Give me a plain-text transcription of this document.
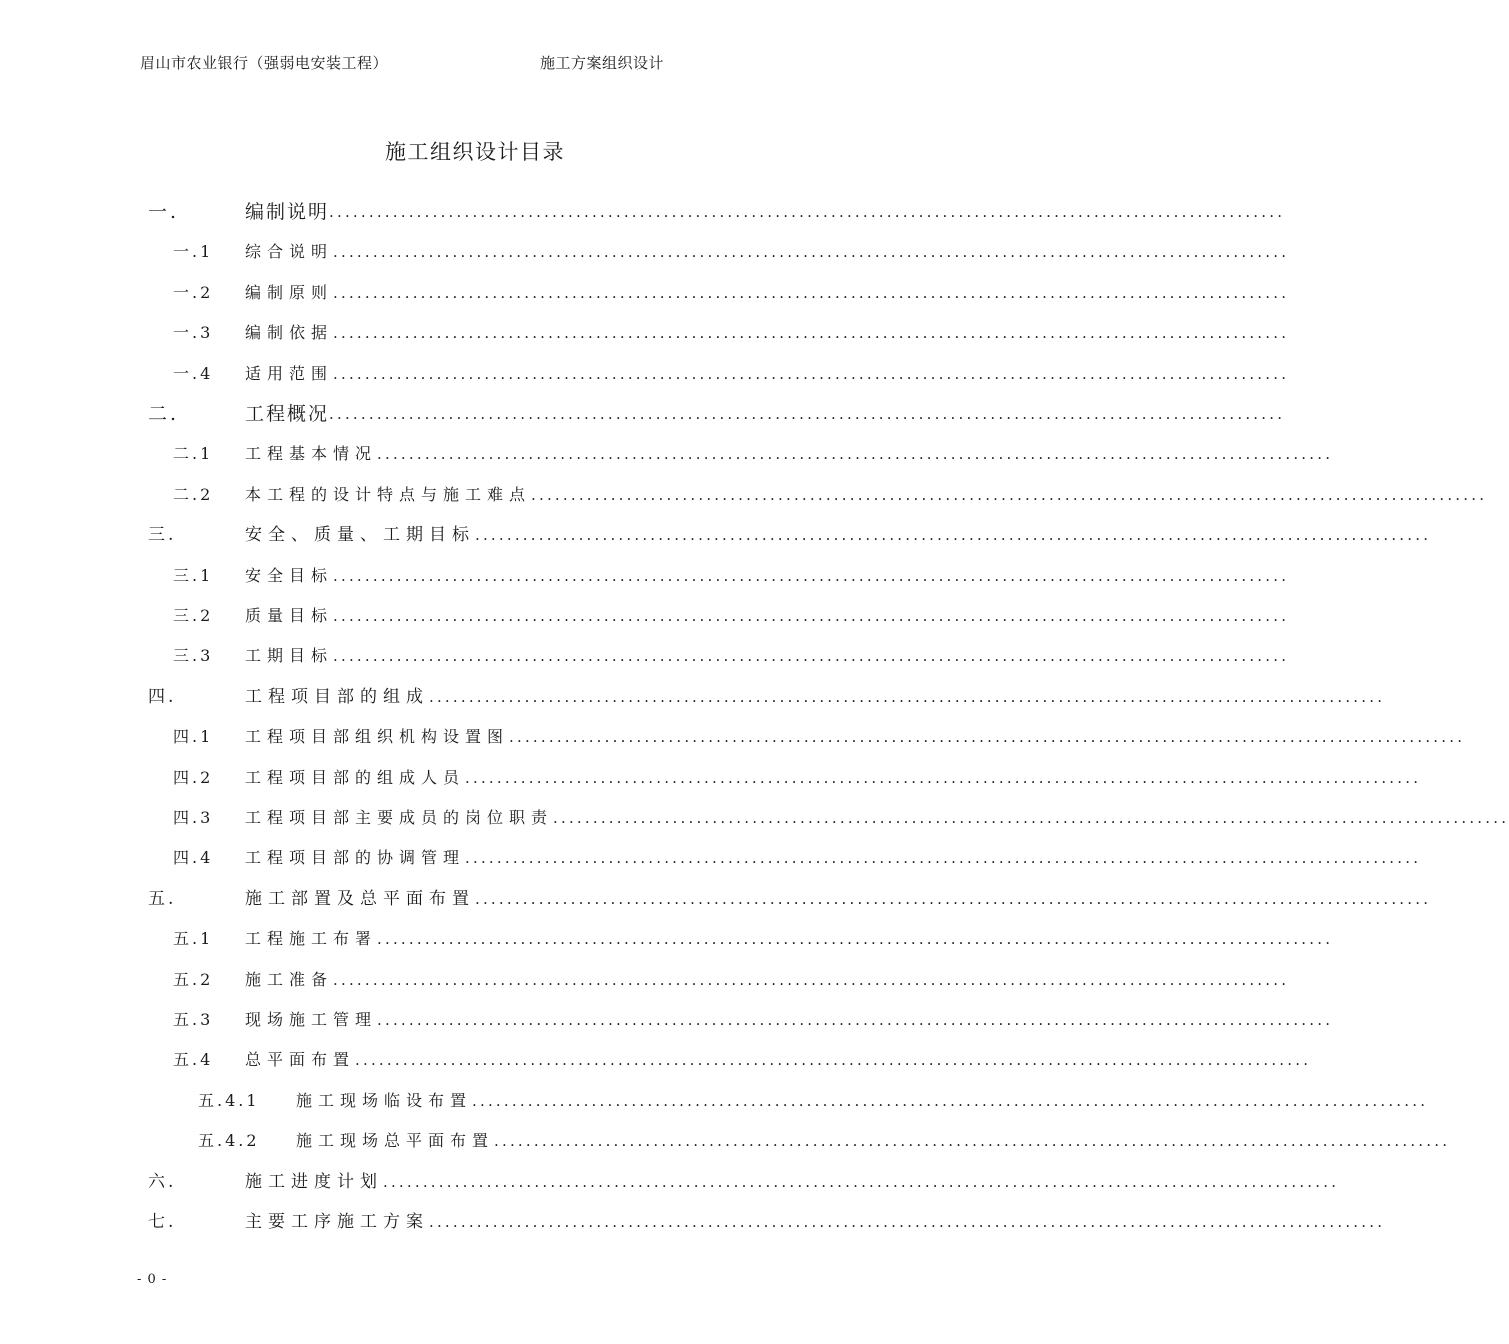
眉山市农业银行（强弱电安装工程）	施工方案组织设计
施工组织设计目录
一.	编制说明 ........................................................................................................................
一.1 综合说明 ........................................................................................................................
一.2 编制原则 ........................................................................................................................
一.3 编制依据 ........................................................................................................................
一.4 适用范围 ........................................................................................................................
二.	工程概况 ........................................................................................................................
二.1 工程基本情况 ........................................................................................................................
二.2 本工程的设计特点与施工难点 ........................................................................................................................
三.	安全、质量、工期目标 ........................................................................................................................
三.1 安全目标 ........................................................................................................................
三.2 质量目标 ........................................................................................................................
三.3 工期目标 ........................................................................................................................
四.	工程项目部的组成 ........................................................................................................................
四.1 工程项目部组织机构设置图 ........................................................................................................................
四.2 工程项目部的组成人员 ........................................................................................................................
四.3 工程项目部主要成员的岗位职责 ........................................................................................................................
四.4 工程项目部的协调管理 ........................................................................................................................
五.	施工部置及总平面布置 ........................................................................................................................
五.1 工程施工布署 ........................................................................................................................
五.2 施工准备 ........................................................................................................................
五.3 现场施工管理 ........................................................................................................................
五.4 总平面布置 ........................................................................................................................
五.4.1 施工现场临设布置 ........................................................................................................................
五.4.2 施工现场总平面布置 ........................................................................................................................
六.	施工进度计划 ........................................................................................................................
七.	主要工序施工方案 ........................................................................................................................
- 0 -
